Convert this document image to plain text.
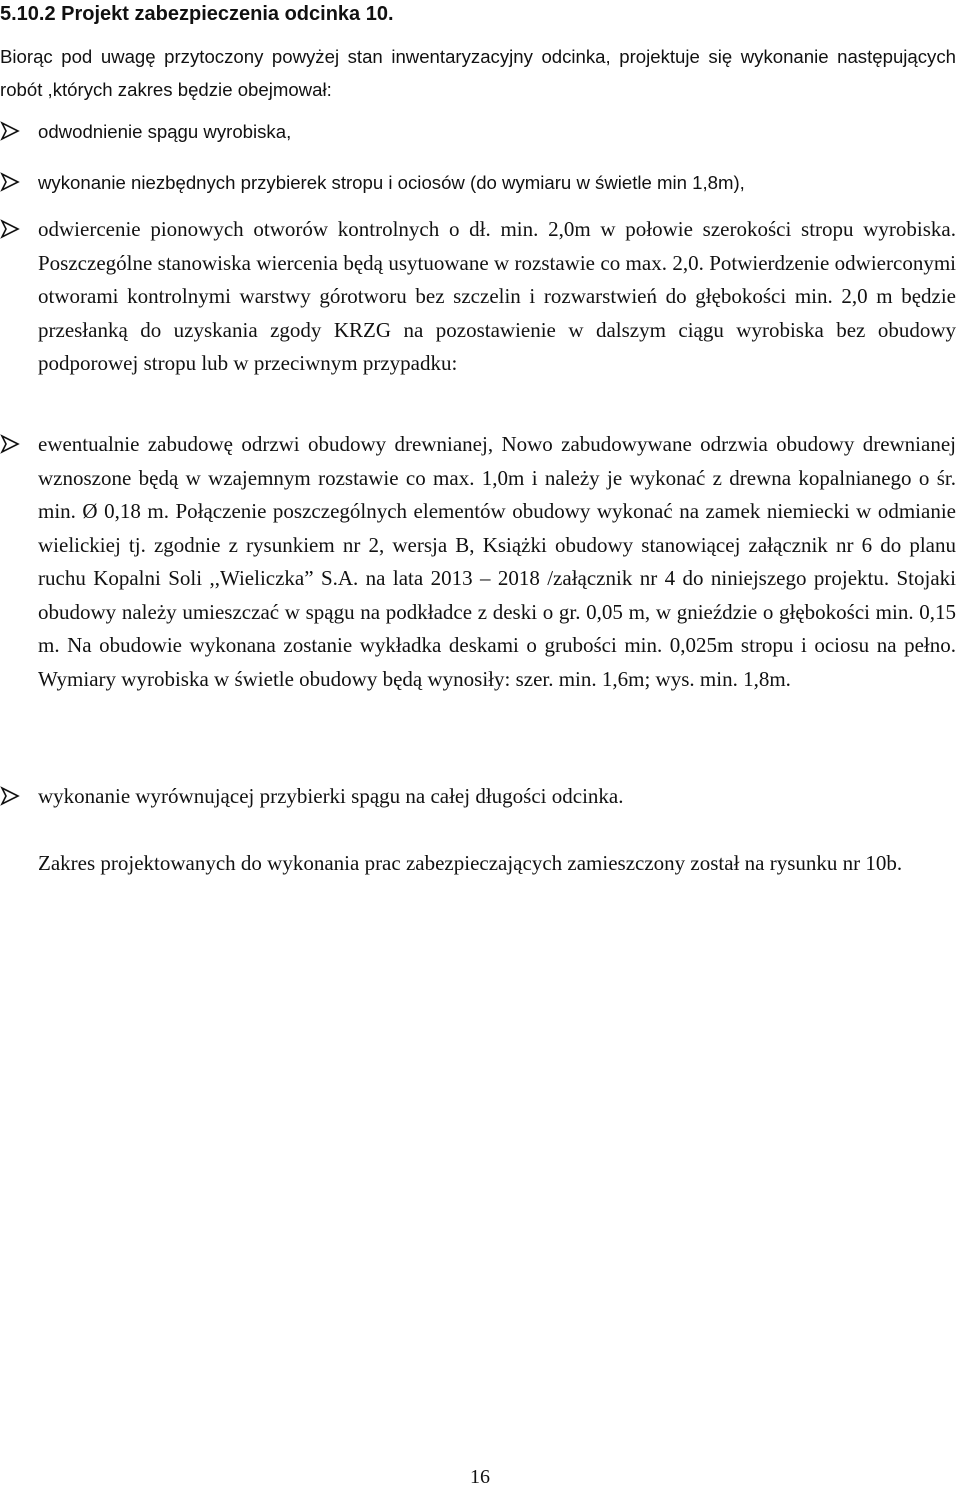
5.10.2 Projekt zabezpieczenia odcinka 10.
Biorąc pod uwagę przytoczony powyżej stan inwentaryzacyjny odcinka, projektuje się wykonanie następujących robót ,których zakres będzie obejmował:
odwodnienie spągu wyrobiska,
wykonanie niezbędnych przybierek stropu i ociosów (do wymiaru w świetle min 1,8m),
odwiercenie pionowych otworów kontrolnych o dł. min. 2,0m w połowie szerokości stropu wyrobiska. Poszczególne stanowiska wiercenia będą usytuowane w rozstawie co max. 2,0. Potwierdzenie odwierconymi otworami kontrolnymi warstwy górotworu bez szczelin i rozwarstwień do głębokości min. 2,0 m będzie przesłanką do uzyskania zgody KRZG na pozostawienie w dalszym ciągu wyrobiska bez obudowy podporowej stropu lub w przeciwnym przypadku:
ewentualnie zabudowę odrzwi obudowy drewnianej, Nowo zabudowywane odrzwia obudowy drewnianej wznoszone będą w wzajemnym rozstawie co max. 1,0m i należy je wykonać z drewna kopalnianego o śr. min. Ø 0,18 m. Połączenie poszczególnych elementów obudowy wykonać na zamek niemiecki w odmianie wielickiej tj. zgodnie z rysunkiem nr 2, wersja B, Książki obudowy stanowiącej załącznik nr 6 do planu ruchu Kopalni Soli ,,Wieliczka” S.A. na lata 2013 – 2018 /załącznik nr 4 do niniejszego projektu. Stojaki obudowy należy umieszczać w spągu na podkładce z deski o gr. 0,05 m, w gnieździe o głębokości min. 0,15 m. Na obudowie wykonana zostanie wykładka deskami o grubości min. 0,025m stropu i ociosu na pełno. Wymiary wyrobiska w świetle obudowy będą wynosiły: szer. min. 1,6m; wys. min. 1,8m.
wykonanie wyrównującej przybierki spągu na całej długości odcinka.
Zakres projektowanych do wykonania prac zabezpieczających zamieszczony został na rysunku nr 10b.
16
